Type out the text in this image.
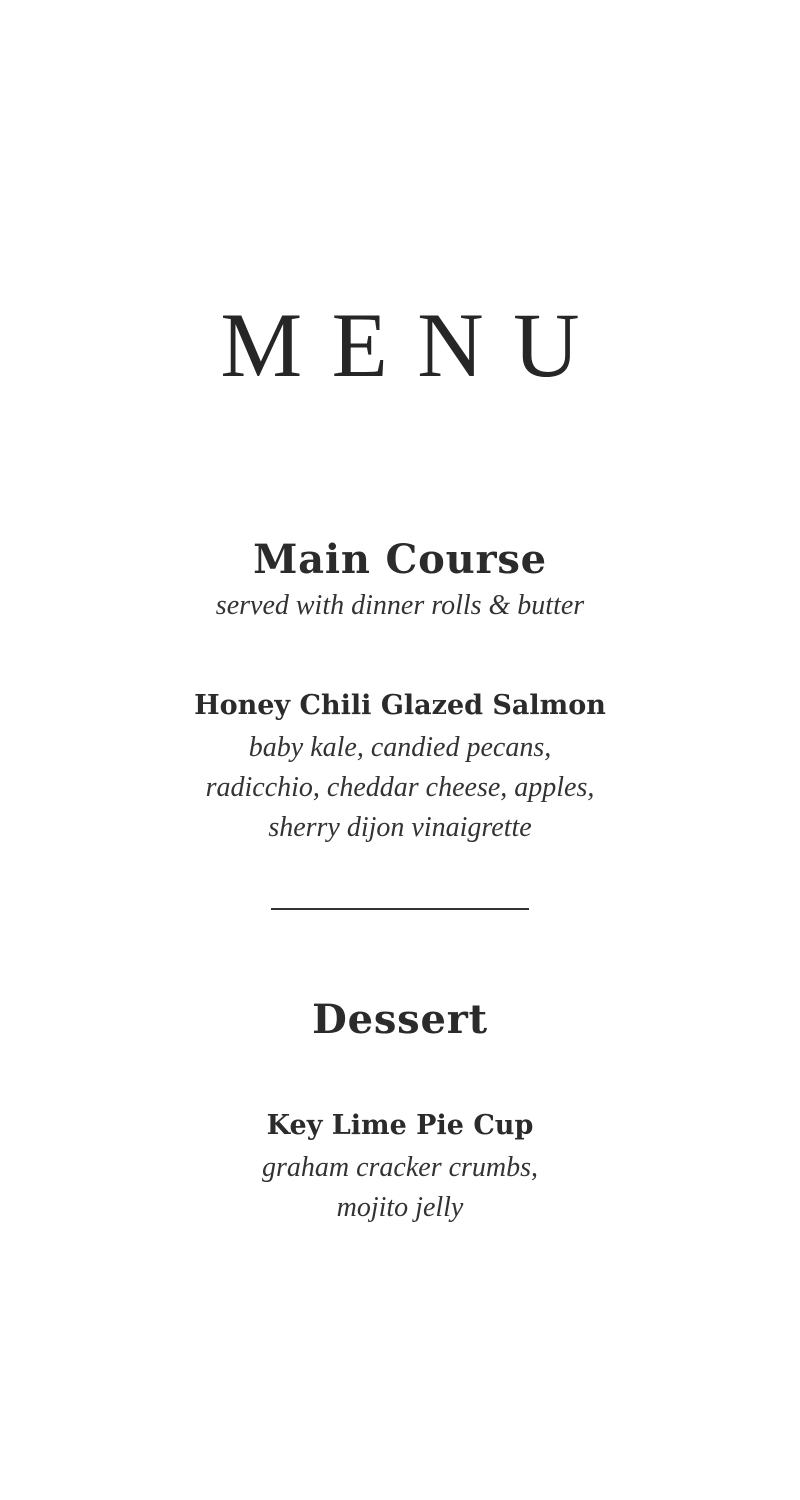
MENU
Main Course

served with dinner rolls & butter

Honey Chili Glazed Salmon
baby kale, candied pecans,
radicchio, cheddar cheese, apples,
sherry dijon vinaigrette
Dessert
Key Lime Pie Cup
graham cracker crumbs,
mojito jelly
